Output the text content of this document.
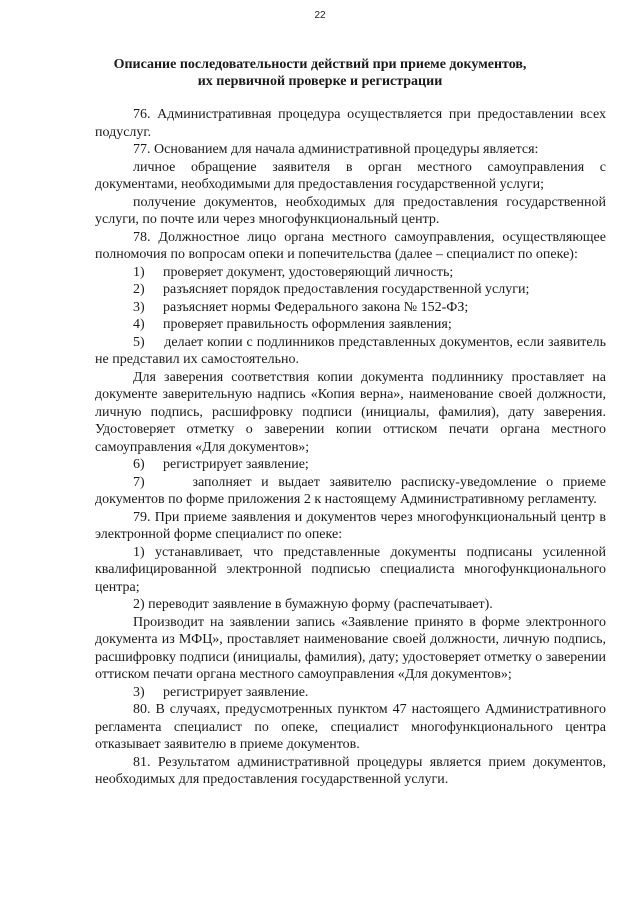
22
Описание последовательности действий при приеме документов,
их первичной проверке и регистрации

76. Административная процедура осуществляется при предоставлении всех подуслуг.

77. Основанием для начала административной процедуры является:

личное обращение заявителя в орган местного самоуправления с документами, необходимыми для предоставления государственной услуги;

получение документов, необходимых для предоставления государственной услуги, по почте или через многофункциональный центр.

78. Должностное лицо органа местного самоуправления, осуществляющее полномочия по вопросам опеки и попечительства (далее – специалист по опеке):

1)	проверяет документ, удостоверяющий личность;
2)	разъясняет порядок предоставления государственной услуги;
3)	разъясняет нормы Федерального закона № 152-ФЗ;
4)	проверяет правильность оформления заявления;

5) делает копии с подлинников представленных документов, если заявитель не представил их самостоятельно.

Для заверения соответствия копии документа подлиннику проставляет на документе заверительную надпись «Копия верна», наименование своей должности, личную подпись, расшифровку подписи (инициалы, фамилия), дату заверения. Удостоверяет отметку о заверении копии оттиском печати органа местного самоуправления «Для документов»;

6)	регистрирует заявление;

7)	заполняет и выдает заявителю расписку-уведомление о приеме документов по форме приложения 2 к настоящему Административному регламенту.

79. При приеме заявления и документов через многофункциональный центр в электронной форме специалист по опеке:

1) устанавливает, что представленные документы подписаны усиленной квалифицированной электронной подписью специалиста многофункционального центра;

2) переводит заявление в бумажную форму (распечатывает).

Производит на заявлении запись «Заявление принято в форме электронного документа из МФЦ», проставляет наименование своей должности, личную подпись, расшифровку подписи (инициалы, фамилия), дату; удостоверяет отметку о заверении оттиском печати органа местного самоуправления «Для документов»;

3)	регистрирует заявление.

80. В случаях, предусмотренных пунктом 47 настоящего Административного регламента специалист по опеке, специалист многофункционального центра отказывает заявителю в приеме документов.

81. Результатом административной процедуры является прием документов, необходимых для предоставления государственной услуги.
